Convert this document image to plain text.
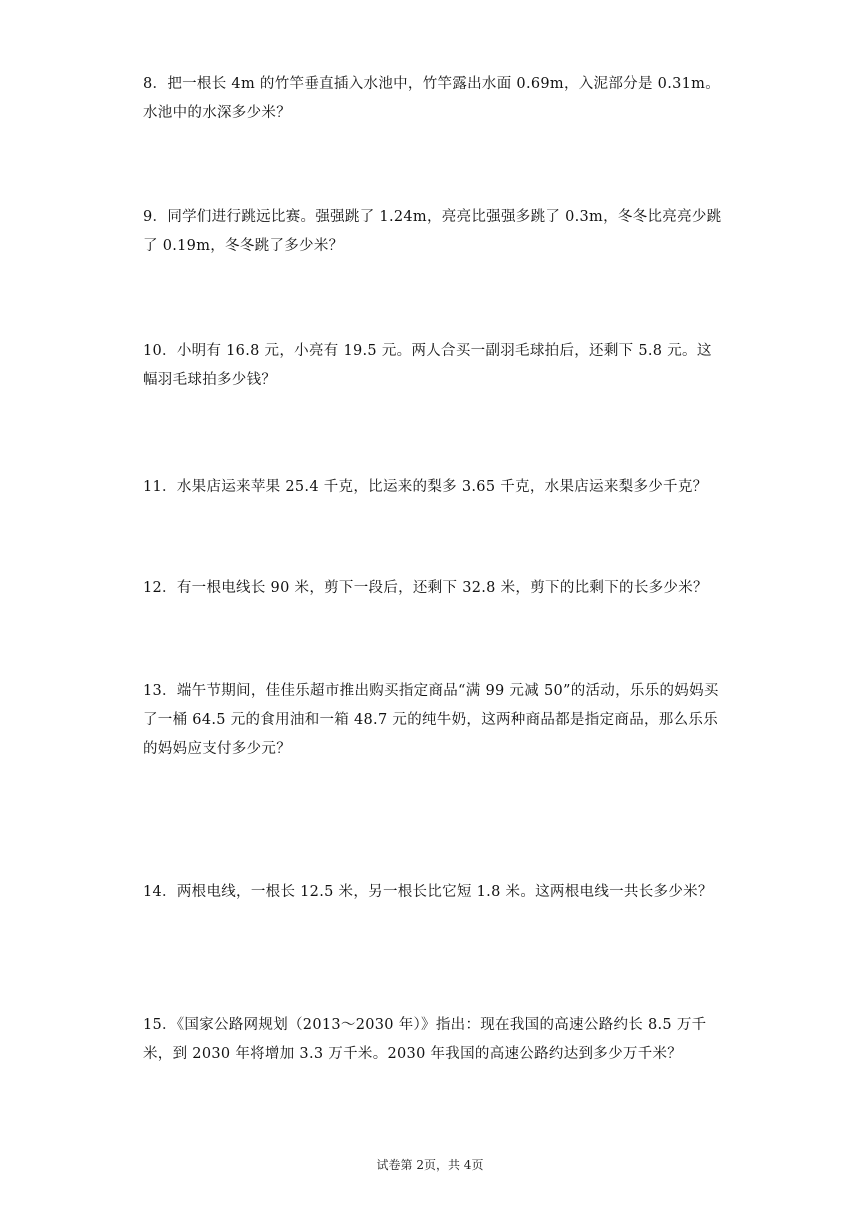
8．把一根长 4m 的竹竿垂直插入水池中，竹竿露出水面 0.69m，入泥部分是 0.31m。水池中的水深多少米？
9．同学们进行跳远比赛。强强跳了 1.24m，亮亮比强强多跳了 0.3m，冬冬比亮亮少跳了 0.19m，冬冬跳了多少米？
10．小明有 16.8 元，小亮有 19.5 元。两人合买一副羽毛球拍后，还剩下 5.8 元。这幅羽毛球拍多少钱？
11．水果店运来苹果 25.4 千克，比运来的梨多 3.65 千克，水果店运来梨多少千克？
12．有一根电线长 90 米，剪下一段后，还剩下 32.8 米，剪下的比剩下的长多少米？
13．端午节期间，佳佳乐超市推出购买指定商品“满 99 元减 50”的活动，乐乐的妈妈买了一桶 64.5 元的食用油和一箱 48.7 元的纯牛奶，这两种商品都是指定商品，那么乐乐的妈妈应支付多少元？
14．两根电线，一根长 12.5 米，另一根长比它短 1.8 米。这两根电线一共长多少米？
15．《国家公路网规划（2013～2030 年）》指出：现在我国的高速公路约长 8.5 万千米，到 2030 年将增加 3.3 万千米。2030 年我国的高速公路约达到多少万千米？
试卷第 2页，共 4页
